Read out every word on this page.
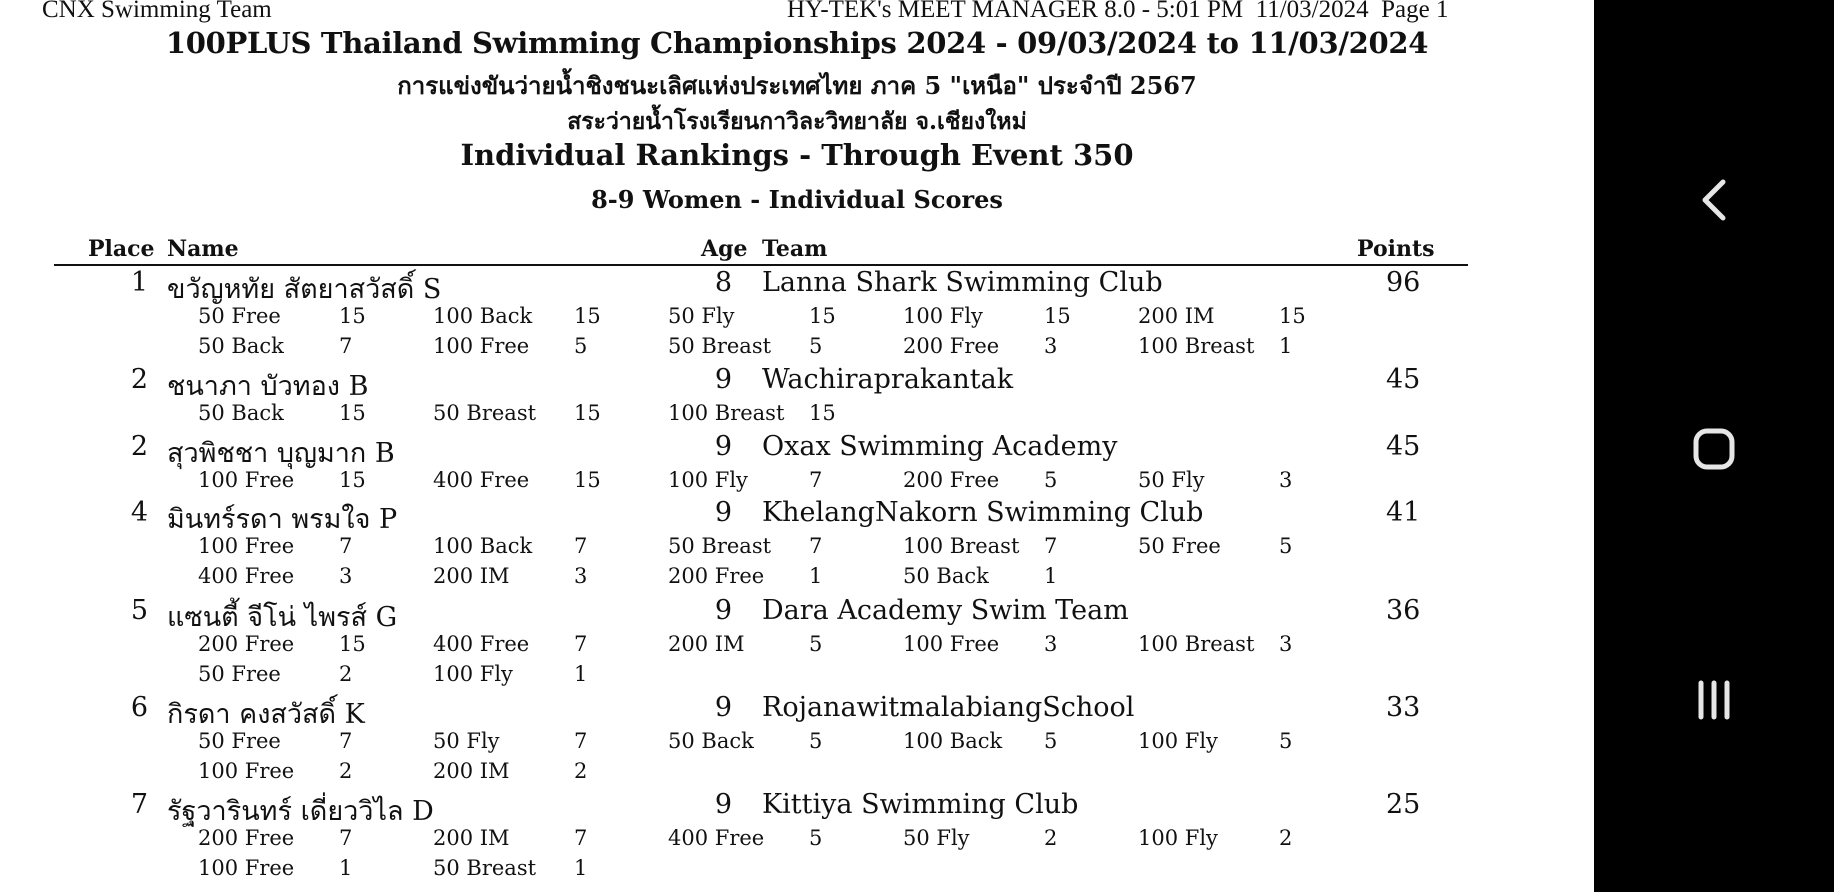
CNX Swimming Team	HY-TEK's MEET MANAGER 8.0 - 5:01 PM  11/03/2024  Page 1
100PLUS Thailand Swimming Championships 2024 - 09/03/2024 to 11/03/2024
การแข่งขันว่ายน้ำชิงชนะเลิศแห่งประเทศไทย ภาค 5 "เหนือ" ประจำปี 2567
สระว่ายน้ำโรงเรียนกาวิละวิทยาลัย จ.เชียงใหม่
Individual Rankings - Through Event 350
8-9 Women - Individual Scores
Place Name	Age Team	Points
1 ขวัญหทัย สัตยาสวัสดิ์ S	8 Lanna Shark Swimming Club	96
50 Free	15	100 Back 15	50 Fly	15	100 Fly	15	200 IM	15
50 Back	7	100 Free 5	50 Breast 5	200 Free 3	100 Breast 1
2 ชนาภา บัวทอง B	9 Wachiraprakantak	45
50 Back	15	50 Breast 15	100 Breast 15
2 สุวพิชชา บุญมาก B	9 Oxax Swimming Academy	45
100 Free 15	400 Free 15	100 Fly	7	200 Free 5	50 Fly	3
4 มินทร์รดา พรมใจ P	9 KhelangNakorn Swimming Club	41
100 Free 7	100 Back 7	50 Breast 7	100 Breast 7	50 Free	5
400 Free 3	200 IM	3	200 Free 1	50 Back	1
5 แซนตี้ จีโน่ ไพรส์ G	9 Dara Academy Swim Team	36
200 Free 15	400 Free 7	200 IM	5	100 Free 3	100 Breast 3
50 Free	2	100 Fly	1
6 กิรดา คงสวัสดิ์ K	9 RojanawitmalabiangSchool	33
50 Free	7	50 Fly	7	50 Back	5	100 Back 5	100 Fly	5
100 Free 2	200 IM	2
7 รัฐวารินทร์ เดี่ยววิไล D	9 Kittiya Swimming Club	25
200 Free 7	200 IM	7	400 Free 5	50 Fly	2	100 Fly	2
100 Free 1	50 Breast 1
